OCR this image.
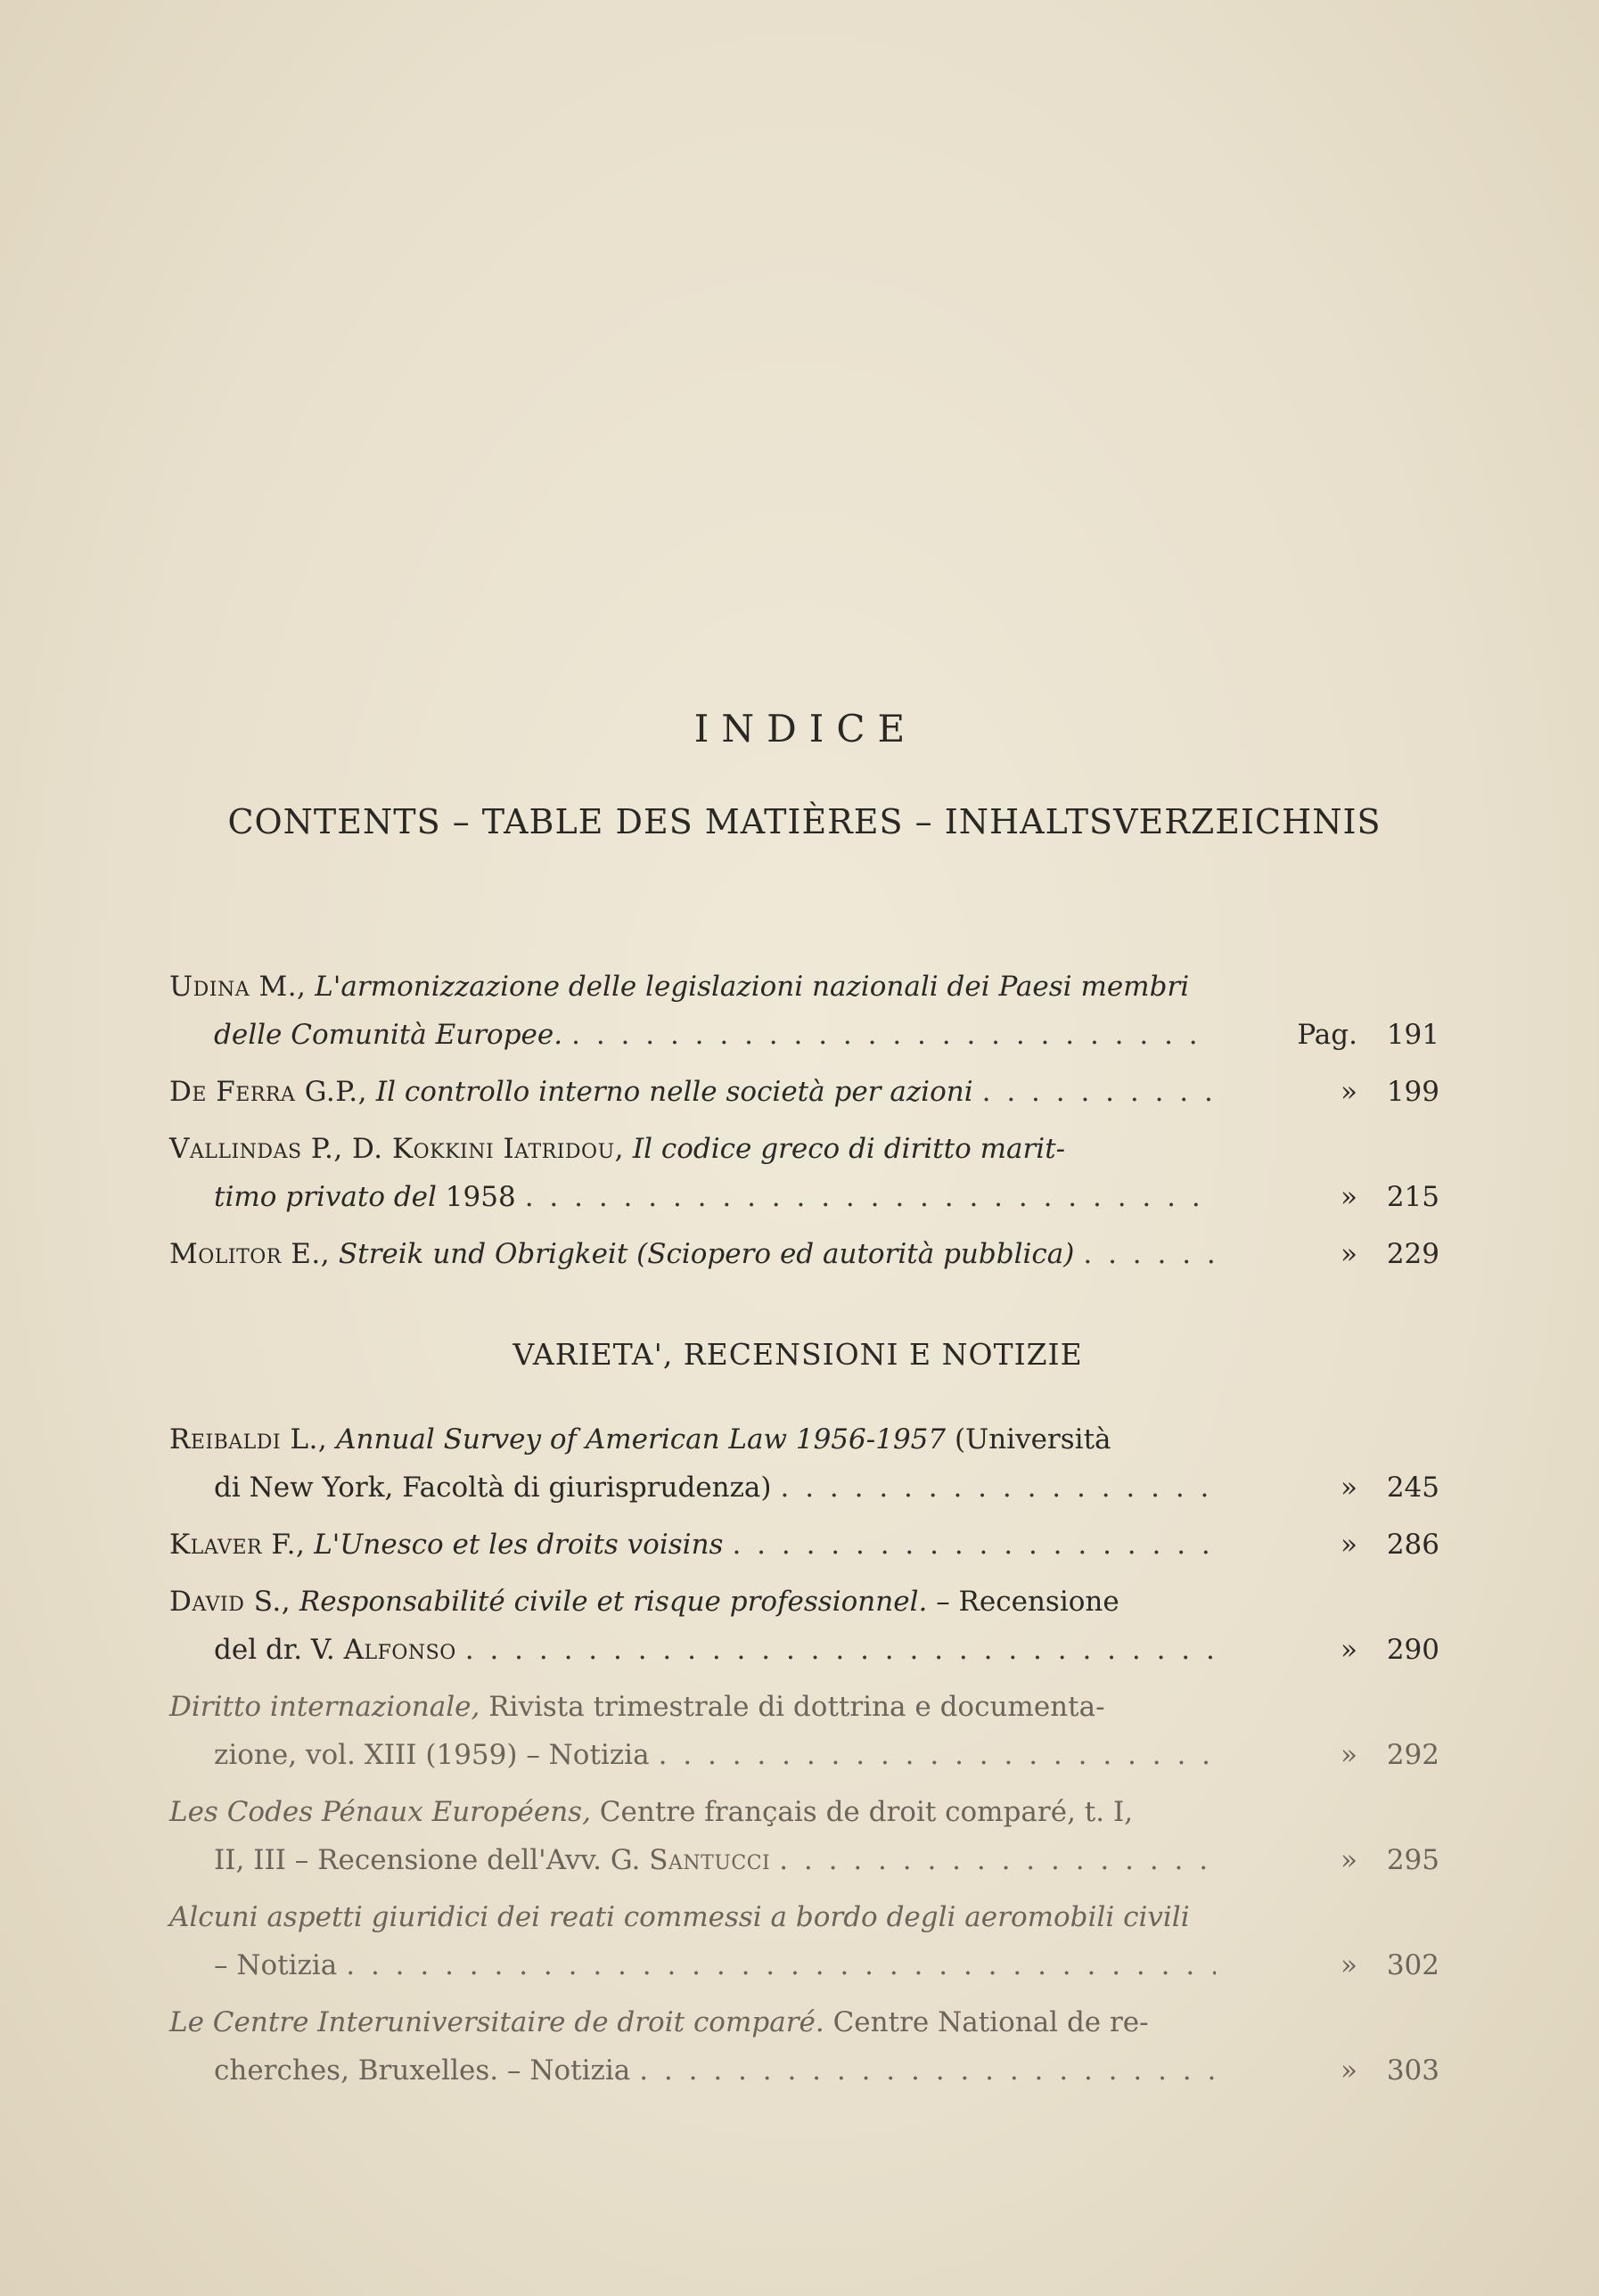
INDICE
CONTENTS – TABLE DES MATIÈRES – INHALTSVERZEICHNIS
Udina M.,
L'armonizzazione delle legislazioni nazionali dei Paesi membri
delle Comunità Europee. . . .	Pag.	191
De Ferra G.P.,
Il controllo interno nelle società per azioni . . .	»	199
Vallindas P., D. Kokkini Iatridou,
Il codice greco di diritto marit-
timo privato del
1958 . . .	»	215
Molitor E.,
Streik und Obrigkeit
(Sciopero ed autorità pubblica) . . .	»	229
VARIETA', RECENSIONI E NOTIZIE
Reibaldi L.,
Annual Survey of American Law 1956-1957
(Università
di New York, Facoltà di giurisprudenza) . . .	»	245
Klaver F.,
L'Unesco et les droits voisins . . .	»	286
David S.,
Responsabilité civile et risque professionnel.
– Recensione
del dr. V.
Alfonso . . .	»	290
Diritto internazionale,
Rivista trimestrale di dottrina e documenta-
zione, vol. XIII (1959) – Notizia . . .	»	292
Les Codes Pénaux Européens,
Centre français de droit comparé, t. I,
II, III – Recensione dell'Avv. G.
Santucci . . .	»	295
Alcuni aspetti giuridici dei reati commessi a bordo degli aeromobili civili
– Notizia . . .	»	302
Le Centre Interuniversitaire de droit comparé.
Centre National de re-
cherches, Bruxelles. – Notizia . . .	»	303
